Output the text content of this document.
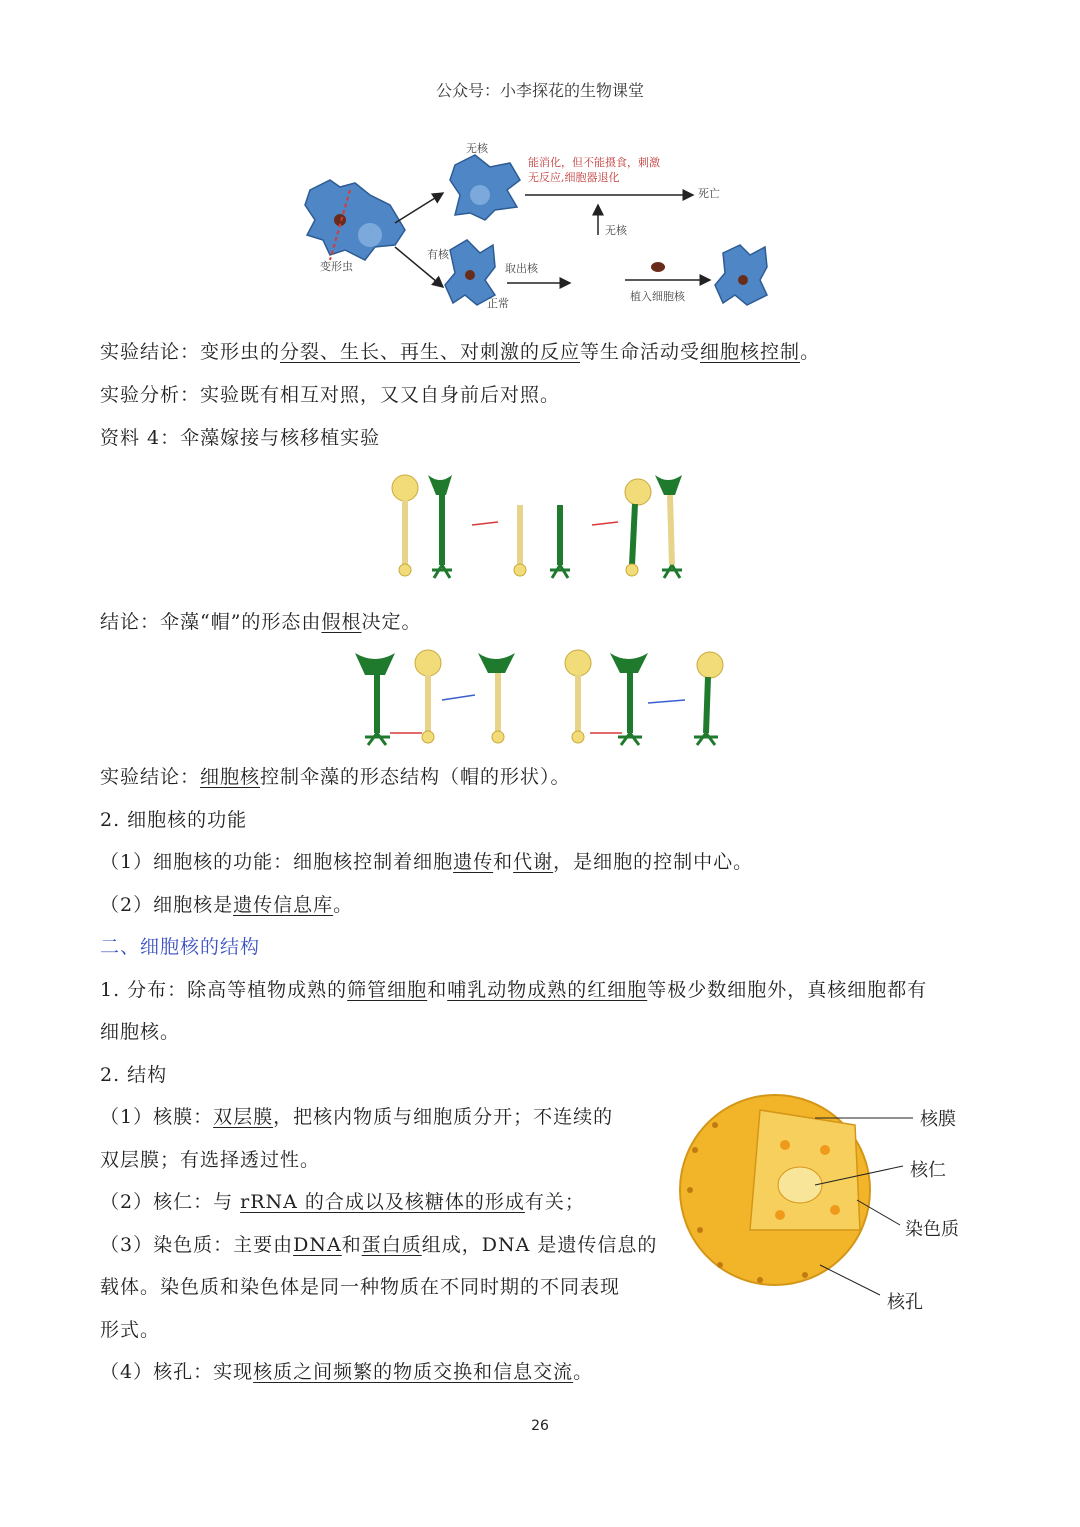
公众号：小李探花的生物课堂
无核
能消化，但不能摄食，刺激
无反应,细胞器退化
死亡
无核
变形虫
有核
取出核
正常
植入细胞核
实验结论：变形虫的分裂、生长、再生、对刺激的反应等生命活动受细胞核控制。
实验分析：实验既有相互对照，又又自身前后对照。
资料 4：伞藻嫁接与核移植实验
结论：伞藻“帽”的形态由假根决定。
实验结论：细胞核控制伞藻的形态结构（帽的形状）。
2. 细胞核的功能
（1）细胞核的功能：细胞核控制着细胞遗传和代谢，是细胞的控制中心。
（2）细胞核是遗传信息库。
二、细胞核的结构
1. 分布：除高等植物成熟的筛管细胞和哺乳动物成熟的红细胞等极少数细胞外，真核细胞都有
细胞核。
2. 结构
（1）核膜：双层膜，把核内物质与细胞质分开；不连续的
双层膜；有选择透过性。
（2）核仁：与 rRNA 的合成以及核糖体的形成有关；
（3）染色质：主要由DNA和蛋白质组成，DNA 是遗传信息的
载体。染色质和染色体是同一种物质在不同时期的不同表现
形式。
（4）核孔：实现核质之间频繁的物质交换和信息交流。
核膜
核仁
染色质
核孔
26
